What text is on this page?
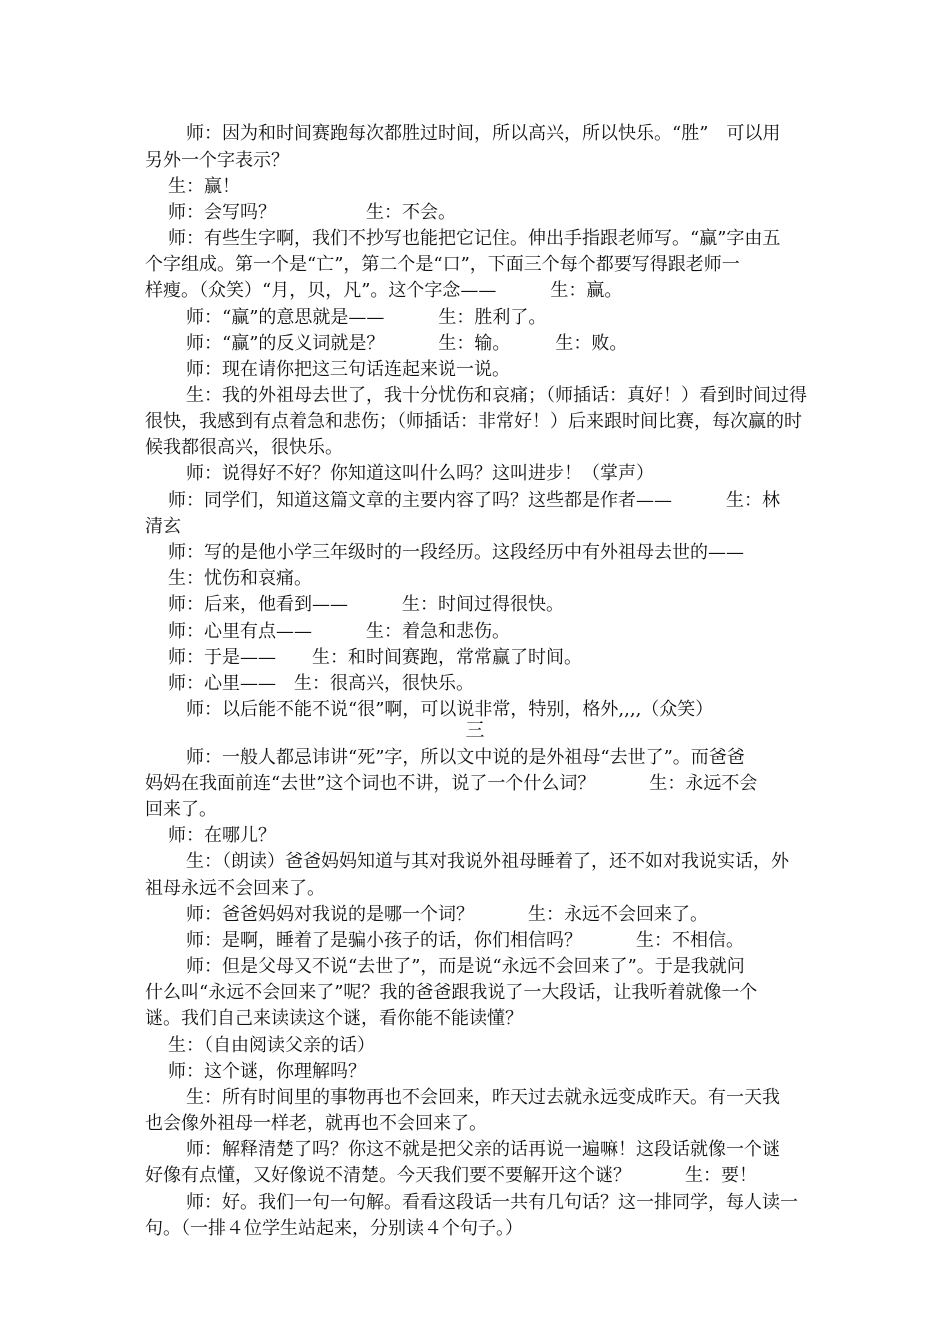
师：因为和时间赛跑每次都胜过时间，所以高兴，所以快乐。“胜”　可以用
另外一个字表示？
生：赢！
师：会写吗？　　　　　生：不会。
师：有些生字啊，我们不抄写也能把它记住。伸出手指跟老师写。“赢”字由五
个字组成。第一个是“亡”，第二个是“口”，下面三个每个都要写得跟老师一
样瘦。（众笑）“月，贝，凡”。这个字念——　　　生：赢。
师：“赢”的意思就是——　　　生：胜利了。
师：“赢”的反义词就是？　　　生：输。　　　生：败。
师：现在请你把这三句话连起来说一说。
生：我的外祖母去世了，我十分忧伤和哀痛；（师插话：真好！）看到时间过得
很快，我感到有点着急和悲伤；（师插话：非常好！）后来跟时间比赛，每次赢的时
候我都很高兴，很快乐。
师：说得好不好？你知道这叫什么吗？这叫进步！（掌声）
师：同学们，知道这篇文章的主要内容了吗？这些都是作者——　　　生：林
清玄
师：写的是他小学三年级时的一段经历。这段经历中有外祖母去世的——
生：忧伤和哀痛。
师：后来，他看到——　　　生：时间过得很快。
师：心里有点——　　　生：着急和悲伤。
师：于是——　　生：和时间赛跑，常常赢了时间。
师：心里——　生：很高兴，很快乐。
师：以后能不能不说“很”啊，可以说非常，特别，格外,,,,（众笑）
三
师：一般人都忌讳讲“死”字，所以文中说的是外祖母“去世了”。而爸爸
妈妈在我面前连“去世”这个词也不讲，说了一个什么词？　　　生：永远不会
回来了。
师：在哪儿？
生：（朗读）爸爸妈妈知道与其对我说外祖母睡着了，还不如对我说实话，外
祖母永远不会回来了。
师：爸爸妈妈对我说的是哪一个词？　　　生：永远不会回来了。
师：是啊，睡着了是骗小孩子的话，你们相信吗？　　　生：不相信。
师：但是父母又不说“去世了”，而是说“永远不会回来了”。于是我就问
什么叫“永远不会回来了”呢？我的爸爸跟我说了一大段话，让我听着就像一个
谜。我们自己来读读这个谜，看你能不能读懂？
生：（自由阅读父亲的话）
师：这个谜，你理解吗？
生：所有时间里的事物再也不会回来，昨天过去就永远变成昨天。有一天我
也会像外祖母一样老，就再也不会回来了。
师：解释清楚了吗？你这不就是把父亲的话再说一遍嘛！这段话就像一个谜
好像有点懂，又好像说不清楚。今天我们要不要解开这个谜？　　　生：要！
师：好。我们一句一句解。看看这段话一共有几句话？这一排同学，每人读一
句。（一排４位学生站起来，分别读４个句子。）
